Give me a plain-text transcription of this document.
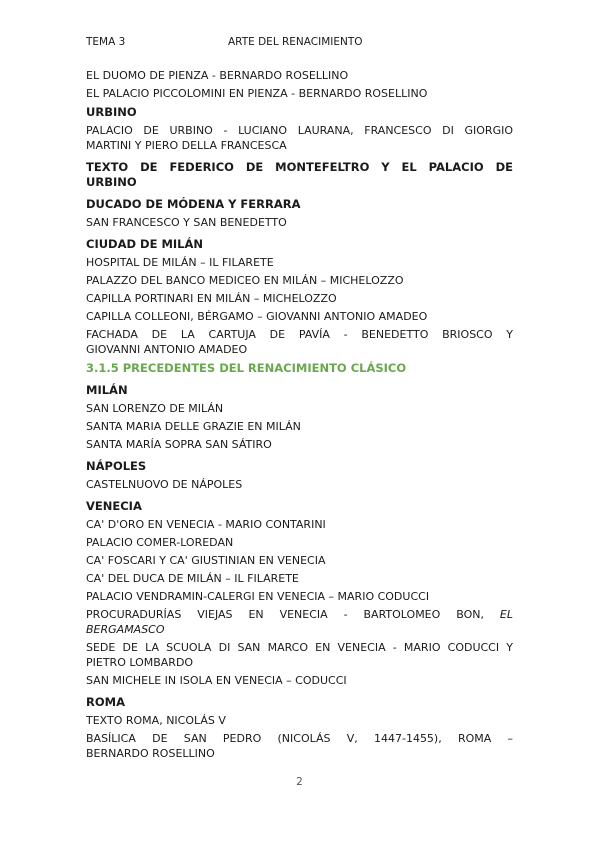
TEMA 3	ARTE DEL RENACIMIENTO
EL DUOMO DE PIENZA - BERNARDO ROSELLINO
EL PALACIO PICCOLOMINI EN PIENZA - BERNARDO ROSELLINO
URBINO
PALACIO DE URBINO - LUCIANO LAURANA, FRANCESCO DI GIORGIO
MARTINI Y PIERO DELLA FRANCESCA
TEXTO DE FEDERICO DE MONTEFELTRO Y EL PALACIO DE
URBINO
DUCADO DE MÓDENA Y FERRARA
SAN FRANCESCO Y SAN BENEDETTO
CIUDAD DE MILÁN
HOSPITAL DE MILÁN – IL FILARETE
PALAZZO DEL BANCO MEDICEO EN MILÁN – MICHELOZZO
CAPILLA PORTINARI EN MILÁN – MICHELOZZO
CAPILLA COLLEONI, BÉRGAMO – GIOVANNI ANTONIO AMADEO
FACHADA DE LA CARTUJA DE PAVÍA - BENEDETTO BRIOSCO Y
GIOVANNI ANTONIO AMADEO
3.1.5 PRECEDENTES DEL RENACIMIENTO CLÁSICO
MILÁN
SAN LORENZO DE MILÁN
SANTA MARIA DELLE GRAZIE EN MILÁN
SANTA MARÍA SOPRA SAN SÁTIRO
NÁPOLES
CASTELNUOVO DE NÁPOLES
VENECIA
CA' D'ORO EN VENECIA - MARIO CONTARINI
PALACIO COMER-LOREDAN
CA' FOSCARI Y CA' GIUSTINIAN EN VENECIA
CA' DEL DUCA DE MILÁN – IL FILARETE
PALACIO VENDRAMIN-CALERGI EN VENECIA – MARIO CODUCCI
PROCURADURÍAS VIEJAS EN VENECIA - BARTOLOMEO BON, EL
BERGAMASCO
SEDE DE LA SCUOLA DI SAN MARCO EN VENECIA - MARIO CODUCCI Y
PIETRO LOMBARDO
SAN MICHELE IN ISOLA EN VENECIA – CODUCCI
ROMA
TEXTO ROMA, NICOLÁS V
BASÍLICA DE SAN PEDRO (NICOLÁS V, 1447-1455), ROMA –
BERNARDO ROSELLINO
2
